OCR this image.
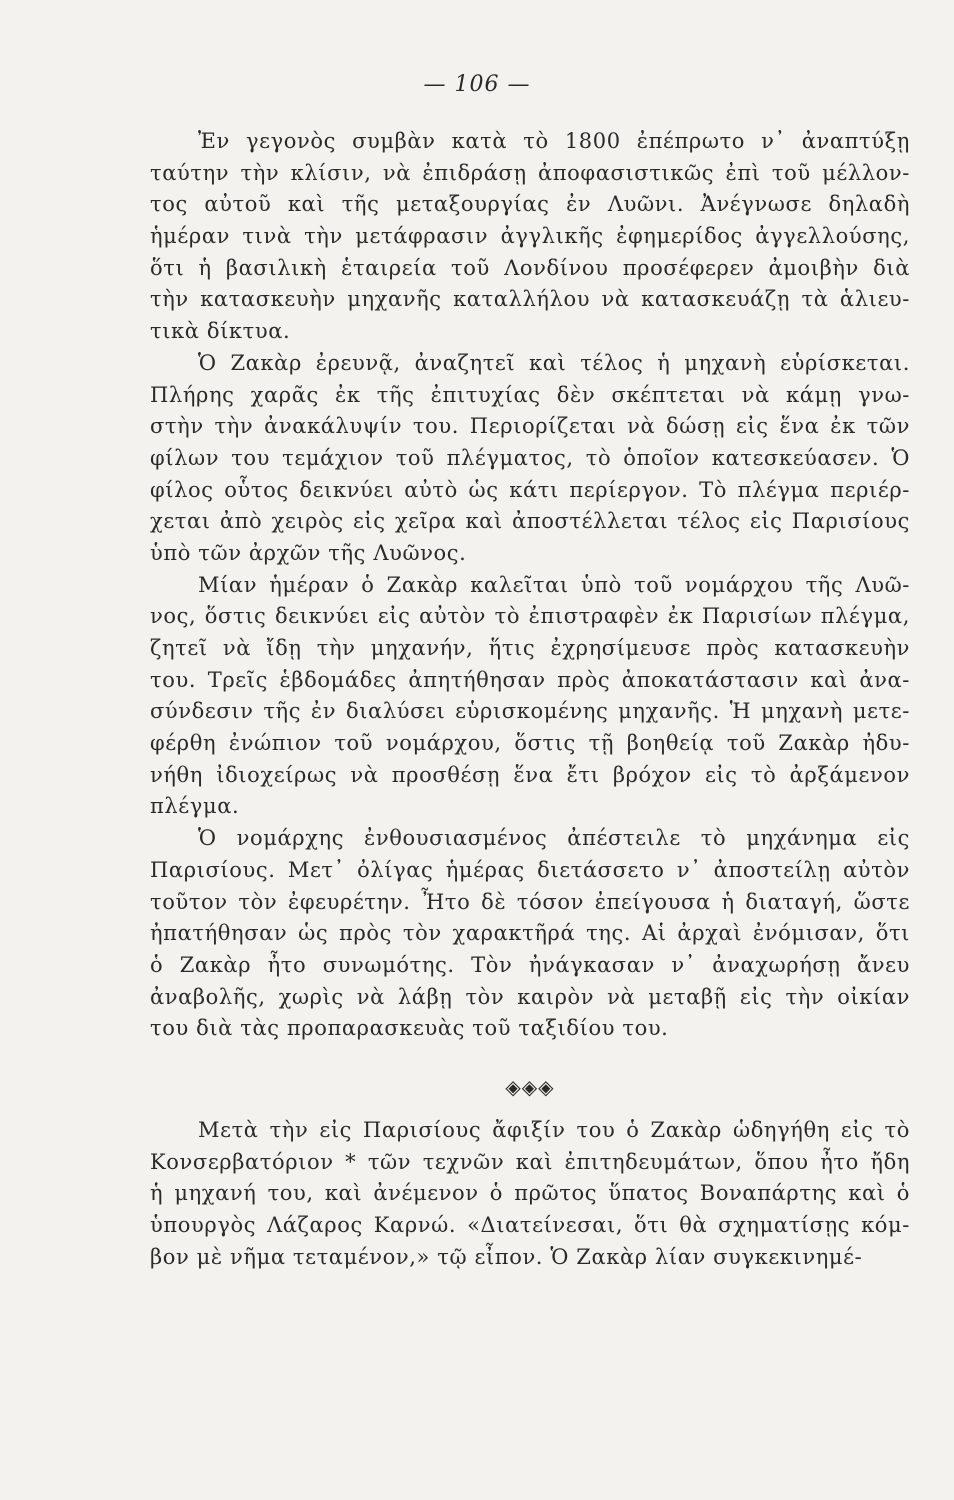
— 106 —
Ἐν γεγονὸς συμβὰν κατὰ τὸ 1800 ἐπέπρωτο ν᾽ ἀναπτύξῃ
ταύτην τὴν κλίσιν, νὰ ἐπιδράσῃ ἀποφασιστικῶς ἐπὶ τοῦ μέλλον-
τος αὐτοῦ καὶ τῆς μεταξουργίας ἐν Λυῶνι. Ἀνέγνωσε δηλαδὴ
ἡμέραν τινὰ τὴν μετάφρασιν ἀγγλικῆς ἐφημερίδος ἀγγελλούσης,
ὅτι ἡ βασιλικὴ ἑταιρεία τοῦ Λονδίνου προσέφερεν ἀμοιβὴν διὰ
τὴν κατασκευὴν μηχανῆς καταλλήλου νὰ κατασκευάζῃ τὰ ἁλιευ-
τικὰ δίκτυα.
Ὁ Ζακὰρ ἐρευνᾷ, ἀναζητεῖ καὶ τέλος ἡ μηχανὴ εὑρίσκεται.
Πλήρης χαρᾶς ἐκ τῆς ἐπιτυχίας δὲν σκέπτεται νὰ κάμῃ γνω-
στὴν τὴν ἀνακάλυψίν του. Περιορίζεται νὰ δώσῃ εἰς ἕνα ἐκ τῶν
φίλων του τεμάχιον τοῦ πλέγματος, τὸ ὁποῖον κατεσκεύασεν. Ὁ
φίλος οὗτος δεικνύει αὐτὸ ὡς κάτι περίεργον. Τὸ πλέγμα περιέρ-
χεται ἀπὸ χειρὸς εἰς χεῖρα καὶ ἀποστέλλεται τέλος εἰς Παρισίους
ὑπὸ τῶν ἀρχῶν τῆς Λυῶνος.
Μίαν ἡμέραν ὁ Ζακὰρ καλεῖται ὑπὸ τοῦ νομάρχου τῆς Λυῶ-
νος, ὅστις δεικνύει εἰς αὐτὸν τὸ ἐπιστραφὲν ἐκ Παρισίων πλέγμα,
ζητεῖ νὰ ἴδῃ τὴν μηχανήν, ἥτις ἐχρησίμευσε πρὸς κατασκευὴν
του. Τρεῖς ἑβδομάδες ἀπητήθησαν πρὸς ἀποκατάστασιν καὶ ἀνα-
σύνδεσιν τῆς ἐν διαλύσει εὑρισκομένης μηχανῆς. Ἡ μηχανὴ μετε-
φέρθη ἐνώπιον τοῦ νομάρχου, ὅστις τῇ βοηθείᾳ τοῦ Ζακὰρ ἠδυ-
νήθη ἰδιοχείρως νὰ προσθέσῃ ἕνα ἔτι βρόχον εἰς τὸ ἀρξάμενον
πλέγμα.
Ὁ νομάρχης ἐνθουσιασμένος ἀπέστειλε τὸ μηχάνημα εἰς
Παρισίους. Μετ᾽ ὀλίγας ἡμέρας διετάσσετο ν᾽ ἀποστείλῃ αὐτὸν
τοῦτον τὸν ἐφευρέτην. Ἦτο δὲ τόσον ἐπείγουσα ἡ διαταγή, ὥστε
ἠπατήθησαν ὡς πρὸς τὸν χαρακτῆρά της. Αἱ ἀρχαὶ ἐνόμισαν, ὅτι
ὁ Ζακὰρ ἦτο συνωμότης. Τὸν ἠνάγκασαν ν᾽ ἀναχωρήσῃ ἄνευ
ἀναβολῆς, χωρὶς νὰ λάβῃ τὸν καιρὸν νὰ μεταβῇ εἰς τὴν οἰκίαν
του διὰ τὰς προπαρασκευὰς τοῦ ταξιδίου του.
◈◈◈
Μετὰ τὴν εἰς Παρισίους ἄφιξίν του ὁ Ζακὰρ ὡδηγήθη εἰς τὸ
Κονσερβατόριον * τῶν τεχνῶν καὶ ἐπιτηδευμάτων, ὅπου ἦτο ἤδη
ἡ μηχανή του, καὶ ἀνέμενον ὁ πρῶτος ὕπατος Βοναπάρτης καὶ ὁ
ὑπουργὸς Λάζαρος Καρνώ. «Διατείνεσαι, ὅτι θὰ σχηματίσῃς κόμ-
βον μὲ νῆμα τεταμένον,» τῷ εἶπον. Ὁ Ζακὰρ λίαν συγκεκινημέ-
